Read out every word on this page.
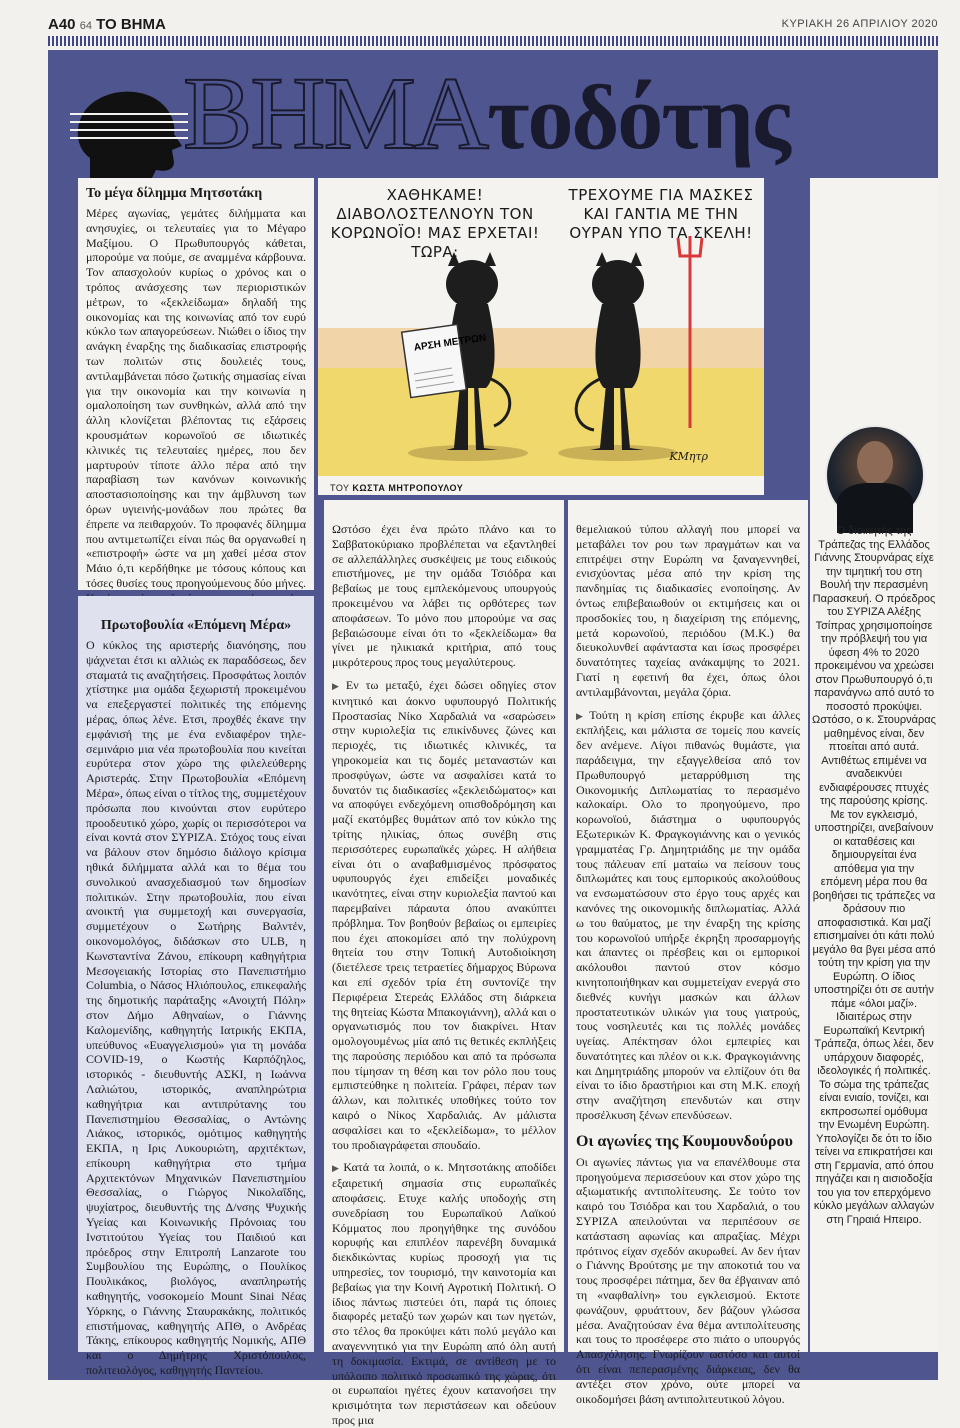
A40 64 ΤΟ ΒΗΜΑ	ΚΥΡΙΑΚΗ 26 ΑΠΡΙΛΙΟΥ 2020
ΒΗΜΑτοδότης
Το μέγα δίλημμα Μητσοτάκη

Μέρες αγωνίας, γεμάτες διλήμματα και ανησυχίες, οι τελευταίες για το Μέγαρο Μαξίμου. Ο Πρωθυπουργός κάθεται, μπορούμε να πούμε, σε αναμμένα κάρβουνα. Τον απασχολούν κυρίως ο χρόνος και ο τρόπος ανάσχεσης των περιοριστικών μέτρων, το «ξεκλείδωμα» δηλαδή της οικονομίας και της κοινωνίας από τον ευρύ κύκλο των απαγορεύσεων. Νιώθει ο ίδιος την ανάγκη έναρξης της διαδικασίας επιστροφής των πολιτών στις δουλειές τους, αντιλαμβάνεται πόσο ζωτικής σημασίας είναι για την οικονομία και την κοινωνία η ομαλοποίηση των συνθηκών, αλλά από την άλλη κλονίζεται βλέποντας τις εξάρσεις κρουσμάτων κορωνοϊού σε ιδιωτικές κλινικές τις τελευταίες ημέρες, που δεν μαρτυρούν τίποτε άλλο πέρα από την παραβίαση των κανόνων κοινωνικής αποστασιοποίησης και την άμβλυνση των όρων υγιεινής-μονάδων που πρώτες θα έπρεπε να πειθαρχούν. Το προφανές δίλημμα που αντιμετωπίζει είναι πώς θα οργανωθεί η «επιστροφή» ώστε να μη χαθεί μέσα στον Μάιο ό,τι κερδήθηκε με τόσους κόπους και τόσες θυσίες τους προηγούμενους δύο μήνες.

ΑΡΣΗ ΜΕΤΡΩΝ
ΧΑΘΗΚΑΜΕ! ΔΙΑΒΟΛΟΣΤΕΛΝΟΥΝ ΤΟΝ ΚΟΡΩΝΟΪΟ! ΜΑΣ ΕΡΧΕΤΑΙ! ΤΩΡΑ;
ΤΡΕΧΟΥΜΕ ΓΙΑ ΜΑΣΚΕΣ ΚΑΙ ΓΑΝΤΙΑ ΜΕ ΤΗΝ ΟΥΡΑΝ ΥΠΟ ΤΑ ΣΚΕΛΗ!
ΚΜητρ
ΤΟΥ ΚΩΣΤΑ ΜΗΤΡΟΠΟΥΛΟΥ
Πρωτοβουλία «Επόμενη Μέρα»

Ο κύκλος της αριστερής διανόησης, που ψάχνεται έτσι κι αλλιώς εκ παραδόσεως, δεν σταματά τις αναζητήσεις. Προσφάτως λοιπόν χτίστηκε μια ομάδα ξεχωριστή προκειμένου να επεξεργαστεί πολιτικές της επόμενης μέρας, όπως λένε. Ετσι, προχθές έκανε την εμφάνισή της με ένα ενδιαφέρον τηλε-σεμινάριο μια νέα πρωτοβουλία που κινείται ευρύτερα στον χώρο της φιλελεύθερης Αριστεράς. Στην Πρωτοβουλία «Επόμενη Μέρα», όπως είναι ο τίτλος της, συμμετέχουν πρόσωπα που κινούνται στον ευρύτερο προοδευτικό χώρο, χωρίς οι περισσότεροι να είναι κοντά στον ΣΥΡΙΖΑ. Στόχος τους είναι να βάλουν στον δημόσιο διάλογο κρίσιμα ηθικά διλήμματα αλλά και το θέμα του συνολικού ανασχεδιασμού των δημοσίων πολιτικών. Στην πρωτοβουλία, που είναι ανοικτή για συμμετοχή και συνεργασία, συμμετέχουν ο Σωτήρης Βαλντέν, οικονομολόγος, διδάσκων στο ULB, η Κωνσταντίνα Ζάνου, επίκουρη καθηγήτρια Μεσογειακής Ιστορίας στο Πανεπιστήμιο Columbia, ο Νάσος Ηλιόπουλος, επικεφαλής της δημοτικής παράταξης «Ανοιχτή Πόλη» στον Δήμο Αθηναίων, ο Γιάννης Καλομενίδης, καθηγητής Ιατρικής ΕΚΠΑ, υπεύθυνος «Ευαγγελισμού» για τη μονάδα COVID-19, ο Κωστής Καρπόζηλος, ιστορικός - διευθυντής ΑΣΚΙ, η Ιωάννα Λαλιώτου, ιστορικός, αναπληρώτρια καθηγήτρια και αντιπρύτανης του Πανεπιστημίου Θεσσαλίας, ο Αντώνης Λιάκος, ιστορικός, ομότιμος καθηγητής ΕΚΠΑ, η Ιρις Λυκουριώτη, αρχιτέκτων, επίκουρη καθηγήτρια στο τμήμα Αρχιτεκτόνων Μηχανικών Πανεπιστημίου Θεσσαλίας, ο Γιώργος Νικολαΐδης, ψυχίατρος, διευθυντής της Δ/νσης Ψυχικής Υγείας και Κοινωνικής Πρόνοιας του Ινστιτούτου Υγείας του Παιδιού και πρόεδρος στην Επιτροπή Lanzarote του Συμβουλίου της Ευρώπης, ο Πουλίκος Πουλικάκος, βιολόγος, αναπληρωτής καθηγητής, νοσοκομείο Mount Sinai Νέας Υόρκης, ο Γιάννης Σταυρακάκης, πολιτικός επιστήμονας, καθηγητής ΑΠΘ, ο Ανδρέας Τάκης, επίκουρος καθηγητής Νομικής, ΑΠΘ και ο Δημήτρης Χριστόπουλος, πολιτειολόγος, καθηγητής Παντείου.

Ωστόσο έχει ένα πρώτο πλάνο και το Σαββατοκύριακο προβλέπεται να εξαντληθεί σε αλλεπάλληλες συσκέψεις με τους ειδικούς επιστήμονες, με την ομάδα Τσιόδρα και βεβαίως με τους εμπλεκόμενους υπουργούς προκειμένου να λάβει τις ορθότερες των αποφάσεων. Το μόνο που μπορούμε να σας βεβαιώσουμε είναι ότι το «ξεκλείδωμα» θα γίνει με ηλικιακά κριτήρια, από τους μικρότερους προς τους μεγαλύτερους.

▶ Εν τω μεταξύ, έχει δώσει οδηγίες στον κινητικό και άοκνο υφυπουργό Πολιτικής Προστασίας Νίκο Χαρδαλιά να «σαρώσει» στην κυριολεξία τις επικίνδυνες ζώνες και περιοχές, τις ιδιωτικές κλινικές, τα γηροκομεία και τις δομές μεταναστών και προσφύγων, ώστε να ασφαλίσει κατά το δυνατόν τις διαδικασίες «ξεκλειδώματος» και να αποφύγει ενδεχόμενη οπισθοδρόμηση και μαζί εκατόμβες θυμάτων από τον κύκλο της τρίτης ηλικίας, όπως συνέβη στις περισσότερες ευρωπαϊκές χώρες. Η αλήθεια είναι ότι ο αναβαθμισμένος πρόσφατος υφυπουργός έχει επιδείξει μοναδικές ικανότητες, είναι στην κυριολεξία παντού και παρεμβαίνει πάραυτα όπου ανακύπτει πρόβλημα. Τον βοηθούν βεβαίως οι εμπειρίες που έχει αποκομίσει από την πολύχρονη θητεία του στην Τοπική Αυτοδιοίκηση (διετέλεσε τρεις τετραετίες δήμαρχος Βύρωνα και επί σχεδόν τρία έτη συντονίζε την Περιφέρεια Στερεάς Ελλάδος στη διάρκεια της θητείας Κώστα Μπακογιάννη), αλλά και ο οργανωτισμός που τον διακρίνει. Ηταν ομολογουμένως μία από τις θετικές εκπλήξεις της παρούσης περιόδου και από τα πρόσωπα που τίμησαν τη θέση και τον ρόλο που τους εμπιστεύθηκε η πολιτεία. Γράφει, πέραν των άλλων, και πολιτικές υποθήκες τούτο τον καιρό ο Νίκος Χαρδαλιάς. Αν μάλιστα ασφαλίσει και το «ξεκλείδωμα», το μέλλον του προδιαγράφεται σπουδαίο.

▶ Κατά τα λοιπά, ο κ. Μητσοτάκης αποδίδει εξαιρετική σημασία στις ευρωπαϊκές αποφάσεις. Ετυχε καλής υποδοχής στη συνεδρίαση του Ευρωπαϊκού Λαϊκού Κόμματος που προηγήθηκε της συνόδου κορυφής και επιπλέον παρενέβη δυναμικά διεκδικώντας κυρίως προσοχή για τις υπηρεσίες, τον τουρισμό, την καινοτομία και βεβαίως για την Κοινή Αγροτική Πολιτική. Ο ίδιος πάντως πιστεύει ότι, παρά τις όποιες διαφορές μεταξύ των χωρών και των ηγετών, στο τέλος θα προκύψει κάτι πολύ μεγάλο και αναγεννητικό για την Ευρώπη από όλη αυτή τη δοκιμασία. Εκτιμά, σε αντίθεση με το υπόλοιπο πολιτικό προσωπικό της χώρας, ότι οι ευρωπαίοι ηγέτες έχουν κατανοήσει την κρισιμότητα των περιστάσεων και οδεύουν προς μια

θεμελιακού τύπου αλλαγή που μπορεί να μεταβάλει τον ρου των πραγμάτων και να επιτρέψει στην Ευρώπη να ξαναγεννηθεί, ενισχύοντας μέσα από την κρίση της πανδημίας τις διαδικασίες ενοποίησης. Αν όντως επιβεβαιωθούν οι εκτιμήσεις και οι προσδοκίες του, η διαχείριση της επόμενης, μετά κορωνοϊού, περιόδου (Μ.Κ.) θα διευκολυνθεί αφάνταστα και ίσως προσφέρει δυνατότητες ταχείας ανάκαμψης το 2021. Γιατί η εφετινή θα έχει, όπως όλοι αντιλαμβάνονται, μεγάλα ζόρια.

▶ Τούτη η κρίση επίσης έκρυβε και άλλες εκπλήξεις, και μάλιστα σε τομείς που κανείς δεν ανέμενε. Λίγοι πιθανώς θυμάστε, για παράδειγμα, την εξαγγελθείσα από τον Πρωθυπουργό μεταρρύθμιση της Οικονομικής Διπλωματίας το περασμένο καλοκαίρι. Ολο το προηγούμενο, προ κορωνοϊού, διάστημα ο υφυπουργός Εξωτερικών Κ. Φραγκογιάννης και ο γενικός γραμματέας Γρ. Δημητριάδης με την ομάδα τους πάλευαν επί ματαίω να πείσουν τους διπλωμάτες και τους εμπορικούς ακολούθους να ενσωματώσουν στο έργο τους αρχές και κανόνες της οικονομικής διπλωματίας. Αλλά ω του θαύματος, με την έναρξη της κρίσης του κορωνοϊού υπήρξε έκρηξη προσαρμογής και άπαντες οι πρέσβεις και οι εμπορικοί ακόλουθοι παντού στον κόσμο κινητοποιήθηκαν και συμμετείχαν ενεργά στο διεθνές κυνήγι μασκών και άλλων προστατευτικών υλικών για τους γιατρούς, τους νοσηλευτές και τις πολλές μονάδες υγείας. Απέκτησαν όλοι εμπειρίες και δυνατότητες και πλέον οι κ.κ. Φραγκογιάννης και Δημητριάδης μπορούν να ελπίζουν ότι θα είναι το ίδιο δραστήριοι και στη Μ.Κ. εποχή στην αναζήτηση επενδυτών και στην προσέλκυση ξένων επενδύσεων.

Οι αγωνίες της Κουμουνδούρου

Οι αγωνίες πάντως για να επανέλθουμε στα προηγούμενα περισσεύουν και στον χώρο της αξιωματικής αντιπολίτευσης. Σε τούτο τον καιρό του Τσιόδρα και του Χαρδαλιά, ο του ΣΥΡΙΖΑ απειλούνται να περιπέσουν σε κατάσταση αφωνίας και απραξίας. Μέχρι πρότινος είχαν σχεδόν ακυρωθεί. Αν δεν ήταν ο Γιάννης Βρούτσης με την αποκοτιά του να τους προσφέρει πάτημα, δεν θα έβγαιναν από τη «ναφθαλίνη» του εγκλεισμού. Εκτοτε φωνάζουν, φρυάττουν, δεν βάζουν γλώσσα μέσα. Αναζητούσαν ένα θέμα αντιπολίτευσης και τους το προσέφερε στο πιάτο ο υπουργός Απασχόλησης. Γνωρίζουν ωστόσο και αυτοί ότι είναι πεπερασμένης διάρκειας, δεν θα αντέξει στον χρόνο, ούτε μπορεί να οικοδομήσει βάση αντιπολιτευτικού λόγου.

Ο διοικητής της Τράπεζας της Ελλάδος Γιάννης Στουρνάρας είχε την τιμητική του στη Βουλή την περασμένη Παρασκευή. Ο πρόεδρος του ΣΥΡΙΖΑ Αλέξης Τσίπρας χρησιμοποίησε την πρόβλεψή του για ύφεση 4% το 2020 προκειμένου να χρεώσει στον Πρωθυπουργό ό,τι παρανάγνω από αυτό το ποσοστό προκύψει. Ωστόσο, ο κ. Στουρνάρας μαθημένος είναι, δεν πτοείται από αυτά. Αντιθέτως επιμένει να αναδεικνύει ενδιαφέρουσες πτυχές της παρούσης κρίσης. Με τον εγκλεισμό, υποστηρίζει, ανεβαίνουν οι καταθέσεις και δημιουργείται ένα απόθεμα για την επόμενη μέρα που θα βοηθήσει τις τράπεζες να δράσουν πιο αποφασιστικά. Και μαζί επισημαίνει ότι κάτι πολύ μεγάλο θα βγει μέσα από τούτη την κρίση για την Ευρώπη. Ο ίδιος υποστηρίζει ότι σε αυτήν πάμε «όλοι μαζί». Ιδιαιτέρως στην Ευρωπαϊκή Κεντρική Τράπεζα, όπως λέει, δεν υπάρχουν διαφορές, ιδεολογικές ή πολιτικές. Το σώμα της τράπεζας είναι ενιαίο, τονίζει, και εκπροσωπεί ομόθυμα την Ενωμένη Ευρώπη. Υπολογίζει δε ότι το ίδιο τείνει να επικρατήσει και στη Γερμανία, από όπου πηγάζει και η αισιοδοξία του για τον επερχόμενο κύκλο μεγάλων αλλαγών στη Γηραιά Ηπειρο.
